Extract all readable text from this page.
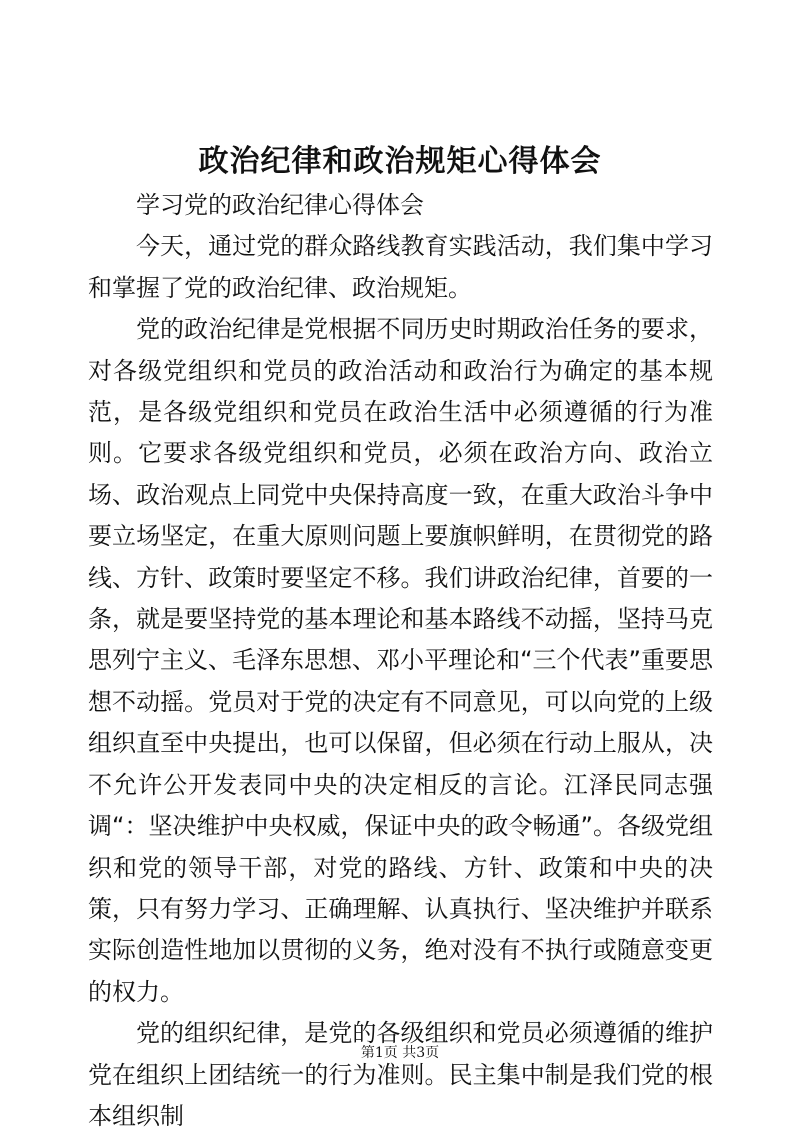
政治纪律和政治规矩心得体会

学习党的政治纪律心得体会

今天，通过党的群众路线教育实践活动，我们集中学习和掌握了党的政治纪律、政治规矩。

党的政治纪律是党根据不同历史时期政治任务的要求，对各级党组织和党员的政治活动和政治行为确定的基本规范，是各级党组织和党员在政治生活中必须遵循的行为准则。它要求各级党组织和党员，必须在政治方向、政治立场、政治观点上同党中央保持高度一致，在重大政治斗争中要立场坚定，在重大原则问题上要旗帜鲜明，在贯彻党的路线、方针、政策时要坚定不移。我们讲政治纪律，首要的一条，就是要坚持党的基本理论和基本路线不动摇，坚持马克思列宁主义、毛泽东思想、邓小平理论和“三个代表”重要思想不动摇。党员对于党的决定有不同意见，可以向党的上级组织直至中央提出，也可以保留，但必须在行动上服从，决不允许公开发表同中央的决定相反的言论。江泽民同志强调“：坚决维护中央权威，保证中央的政令畅通”。各级党组织和党的领导干部，对党的路线、方针、政策和中央的决策，只有努力学习、正确理解、认真执行、坚决维护并联系实际创造性地加以贯彻的义务，绝对没有不执行或随意变更的权力。

党的组织纪律，是党的各级组织和党员必须遵循的维护党在组织上团结统一的行为准则。民主集中制是我们党的根本组织制

第1页 共3页
